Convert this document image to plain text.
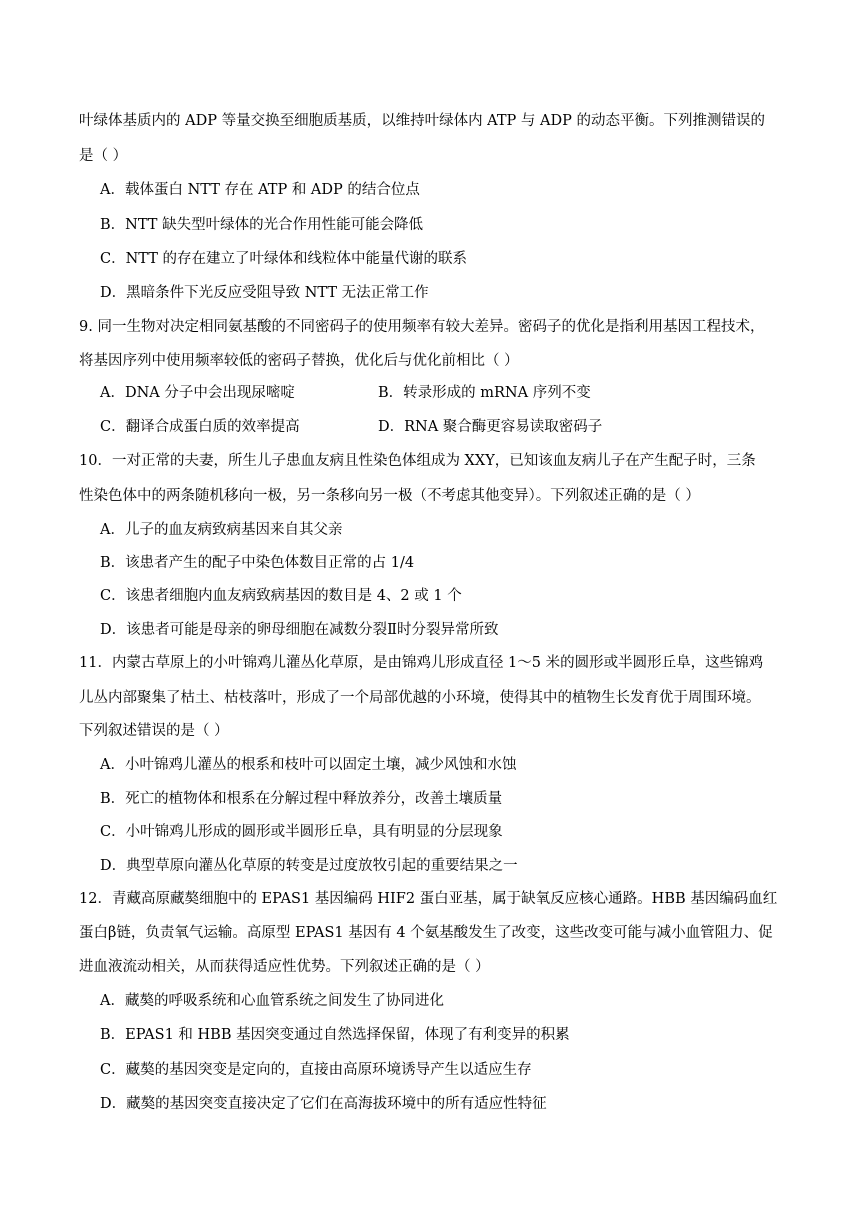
叶绿体基质内的 ADP 等量交换至细胞质基质，以维持叶绿体内 ATP 与 ADP 的动态平衡。下列推测错误的

是（ ）

A．载体蛋白 NTT 存在 ATP 和 ADP 的结合位点

B．NTT 缺失型叶绿体的光合作用性能可能会降低

C．NTT 的存在建立了叶绿体和线粒体中能量代谢的联系

D．黑暗条件下光反应受阻导致 NTT 无法正常工作

9. 同一生物对决定相同氨基酸的不同密码子的使用频率有较大差异。密码子的优化是指利用基因工程技术，

将基因序列中使用频率较低的密码子替换，优化后与优化前相比（ ）

A．DNA 分子中会出现尿嘧啶	B．转录形成的 mRNA 序列不变

C．翻译合成蛋白质的效率提高	D．RNA 聚合酶更容易读取密码子

10．一对正常的夫妻，所生儿子患血友病且性染色体组成为 XXY，已知该血友病儿子在产生配子时，三条

性染色体中的两条随机移向一极，另一条移向另一极（不考虑其他变异）。下列叙述正确的是（ ）

A．儿子的血友病致病基因来自其父亲

B．该患者产生的配子中染色体数目正常的占 1/4

C．该患者细胞内血友病致病基因的数目是 4、2 或 1 个

D．该患者可能是母亲的卵母细胞在减数分裂Ⅱ时分裂异常所致

11．内蒙古草原上的小叶锦鸡儿灌丛化草原，是由锦鸡儿形成直径 1～5 米的圆形或半圆形丘阜，这些锦鸡

儿丛内部聚集了枯土、枯枝落叶，形成了一个局部优越的小环境，使得其中的植物生长发育优于周围环境。

下列叙述错误的是（ ）

A．小叶锦鸡儿灌丛的根系和枝叶可以固定土壤，减少风蚀和水蚀

B．死亡的植物体和根系在分解过程中释放养分，改善土壤质量

C．小叶锦鸡儿形成的圆形或半圆形丘阜，具有明显的分层现象

D．典型草原向灌丛化草原的转变是过度放牧引起的重要结果之一

12．青藏高原藏獒细胞中的 EPAS1 基因编码 HIF2 蛋白亚基，属于缺氧反应核心通路。HBB 基因编码血红

蛋白β链，负责氧气运输。高原型 EPAS1 基因有 4 个氨基酸发生了改变，这些改变可能与减小血管阻力、促

进血液流动相关，从而获得适应性优势。下列叙述正确的是（ ）

A．藏獒的呼吸系统和心血管系统之间发生了协同进化

B．EPAS1 和 HBB 基因突变通过自然选择保留，体现了有利变异的积累

C．藏獒的基因突变是定向的，直接由高原环境诱导产生以适应生存

D．藏獒的基因突变直接决定了它们在高海拔环境中的所有适应性特征
